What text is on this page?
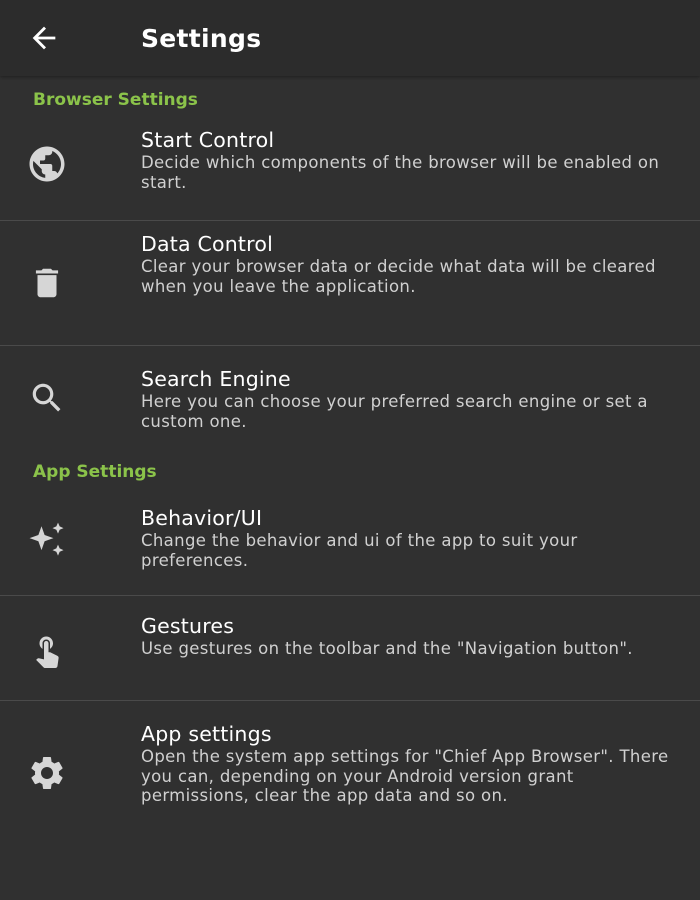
Settings
Browser Settings
Start Control
Decide which components of the browser will be enabled on start.
Data Control
Clear your browser data or decide what data will be cleared when you leave the application.
Search Engine
Here you can choose your preferred search engine or set a custom one.
App Settings
Behavior/UI
Change the behavior and ui of the app to suit your preferences.
Gestures
Use gestures on the toolbar and the "Navigation button".
App settings
Open the system app settings for "Chief App Browser". There you can, depending on your Android version grant permissions, clear the app data and so on.
